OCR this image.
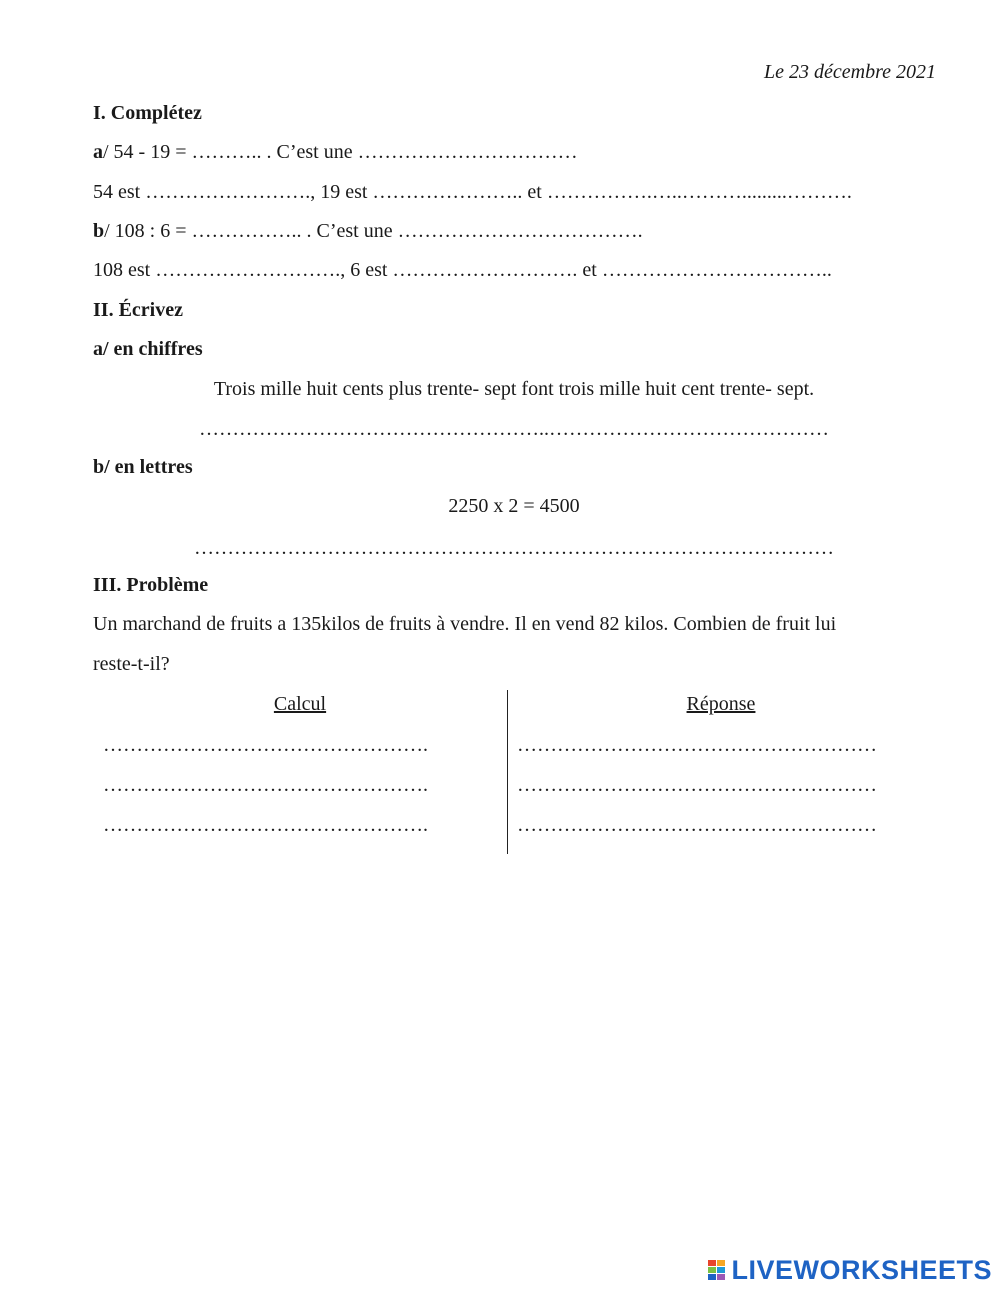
Le 23 décembre 2021
I. Complétez
a/ 54 - 19 = ……….. . C’est une ……………………………
54 est ……………………., 19 est ………………….. et …………….…..……….........……….
b/ 108 : 6 = …………….. . C’est une ……………………………….
108 est ………………………., 6 est ………………………. et ……………………………..
II. Écrivez
a/ en chiffres
Trois mille huit cents plus trente- sept font trois mille huit cent trente- sept.
……………………………………………..……………………………………
b/ en lettres
2250 x 2 = 4500
……………………………………………………………………………………
III. Problème
Un marchand de fruits a 135kilos de fruits à vendre. Il en vend 82 kilos. Combien de fruit lui
reste-t-il?
Calcul	Réponse
………………………………………….
………………………………………….
………………………………………….
………………………………………………
………………………………………………
………………………………………………
LIVEWORKSHEETS
